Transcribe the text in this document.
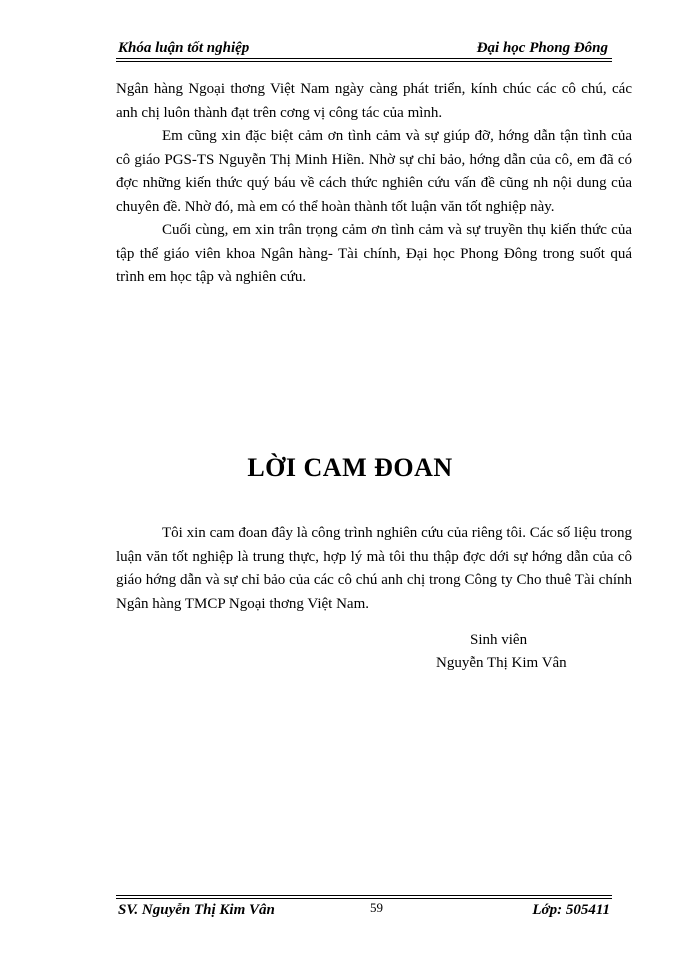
Khóa luận tốt nghiệp	Đại học Phong Đông

Ngân hàng Ngoại thơng Việt Nam ngày càng phát triển, kính chúc các cô chú, các anh chị luôn thành đạt trên cơng vị công tác của mình.

Em cũng xin đặc biệt cảm ơn tình cảm và sự giúp đỡ, hớng dẫn tận tình của cô giáo PGS-TS Nguyễn Thị Minh Hiền. Nhờ sự chỉ bảo, hớng dẫn của cô, em đã có đợc những kiến thức quý báu về cách thức nghiên cứu vấn đề cũng nh nội dung của chuyên đề. Nhờ đó, mà em có thể hoàn thành tốt luận văn tốt nghiệp này.

Cuối cùng, em xin trân trọng cảm ơn tình cảm và sự truyền thụ kiến thức của tập thể giáo viên khoa Ngân hàng- Tài chính, Đại học Phong Đông trong suốt quá trình em học tập và nghiên cứu.

LỜI CAM ĐOAN

Tôi xin cam đoan đây là công trình nghiên cứu của riêng tôi. Các số liệu trong luận văn tốt nghiệp là trung thực, hợp lý mà tôi thu thập đợc dới sự hớng dẫn của cô giáo hớng dẫn và sự chỉ bảo của các cô chú anh chị trong Công ty Cho thuê Tài chính Ngân hàng TMCP Ngoại thơng Việt Nam.

Sinh viên
Nguyễn Thị Kim Vân
SV. Nguyễn Thị Kim Vân	59	Lớp: 505411
